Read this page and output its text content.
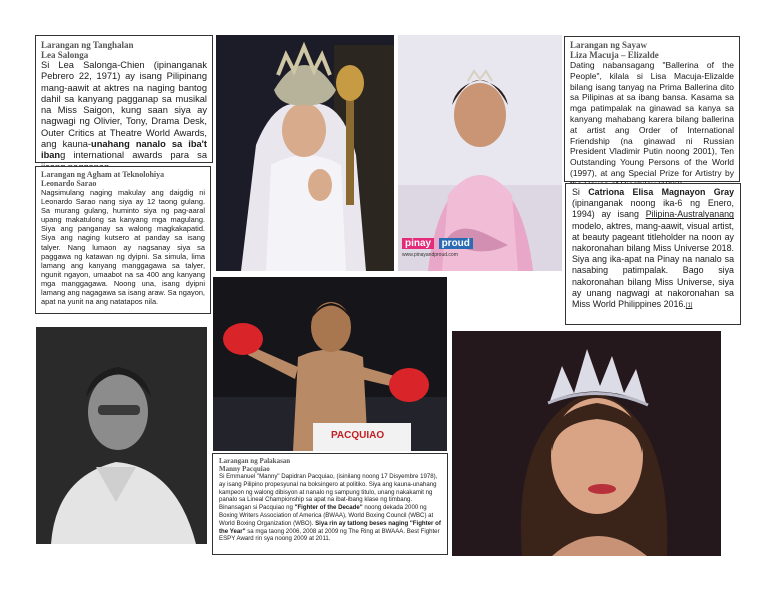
Larangan ng Tanghalan
Lea Salonga
Si Lea Salonga-Chien (ipinanganak Pebrero 22, 1971) ay isang Pilipinang mang-aawit at aktres na naging bantog dahil sa kanyang pagganap sa musikal na Miss Saigon, kung saan siya ay nagwagi ng Olivier, Tony, Drama Desk, Outer Critics at Theatre World Awards, ang kauna-unahang nanalo sa iba't ibang international awards para sa
Larangan ng Agham at Teknolohiya
Leonardo Sarao
Nagsimulang naging makulay ang daigdig ni Leonardo Sarao nang siya ay 12 taong gulang. Sa murang gulang, huminto siya ng pag-aaral upang makatulong sa kanyang mga magulang. Siya ang panganay sa walong magkakapatid. Siya ang naging kutsero at panday sa isang talyer. Nang lumaon ay nagsanay siya sa paggawa ng katawan ng dyipni. Sa simula, lima lamang ang kanyang manggagawa sa talyer, ngunit ngayon, umaabot na sa 400 ang kanyang mga manggagawa. Noong una, isang dyipni lamang ang nagagawa sa isang araw. Sa ngayon, apat na yunit na ang natatapos nila.
pinay proud
www.pinayandproud.com
Larangan ng Sayaw
Liza Macuja – Elizalde
Dating nabansagang "Ballerina of the People", kilala si Lisa Macuja-Elizalde bilang isang tanyag na Prima Ballerina dito sa Pilipinas at sa ibang bansa. Kasama sa mga patimpalak na ginawad sa kanya sa kanyang mahabang karera bilang ballerina at artist ang Order of International Friendship (na ginawad ni Russian President Vladimir Putin noong 2001), Ten Outstanding Young Persons of the World (1997), at ang Special Prize for Artistry by
Si Catriona Elisa Magnayon Gray (ipinanganak noong ika-6 ng Enero, 1994) ay isang Pilipina-Australyanang modelo, aktres, mang-aawit, visual artist, at beauty pageant titleholder na noon ay nakoronahan bilang Miss Universe 2018. Siya ang ika-apat na Pinay na nanalo sa nasabing patimpalak. Bago siya nakoronahan bilang Miss Universe, siya ay unang nagwagi at nakoronahan sa Miss World Philippines 2016.[1]
PACQUIAO
Larangan ng Palakasan
Manny Pacquiao
Si Emmanuel "Manny" Dapidran Pacquiao, (isinilang noong 17 Disyembre 1978), ay isang Pilipino propesyunal na boksingero at politiko. Siya ang kauna-unahang kampeon ng walong dibisyon at nanalo ng sampung titulo, unang nakakamit ng panalo sa Lineal Championship sa apat na ibat-ibang klase ng timbang. Binansagan si Pacquiao ng "Fighter of the Decade" noong dekada 2000 ng Boxing Writers Association of America (BWAA), World Boxing Council (WBC) at World Boxing Organization (WBO). Siya rin ay tatlong beses naging "Fighter of the Year" sa mga taong 2006, 2008 at 2009 ng The Ring at BWAAA. Best Fighter ESPY Award rin sya noong 2009 at 2011.
